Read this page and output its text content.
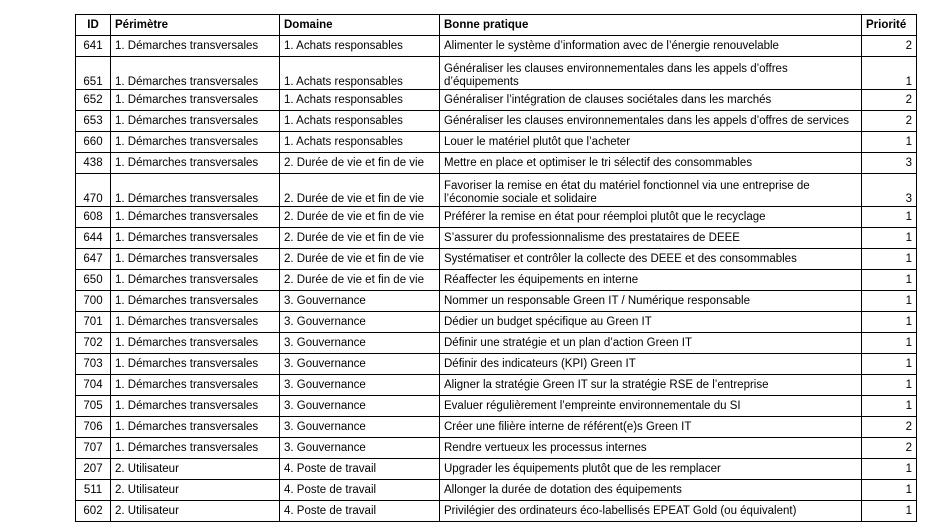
ID	Périmètre	Domaine	Bonne pratique	Priorité
641	1. Démarches transversales	1. Achats responsables	Alimenter le système d’information avec de l’énergie renouvelable	2
651	1. Démarches transversales	1. Achats responsables	Généraliser les clauses environnementales dans les appels d’offres d’équipements	1
652	1. Démarches transversales	1. Achats responsables	Généraliser l’intégration de clauses sociétales dans les marchés	2
653	1. Démarches transversales	1. Achats responsables	Généraliser les clauses environnementales dans les appels d’offres de services	2
660	1. Démarches transversales	1. Achats responsables	Louer le matériel plutôt que l’acheter	1
438	1. Démarches transversales	2. Durée de vie et fin de vie	Mettre en place et optimiser le tri sélectif des consommables	3
470	1. Démarches transversales	2. Durée de vie et fin de vie	Favoriser la remise en état du matériel fonctionnel via une entreprise de l’économie sociale et solidaire	3
608	1. Démarches transversales	2. Durée de vie et fin de vie	Préférer la remise en état pour réemploi plutôt que le recyclage	1
644	1. Démarches transversales	2. Durée de vie et fin de vie	S’assurer du professionnalisme des prestataires de DEEE	1
647	1. Démarches transversales	2. Durée de vie et fin de vie	Systématiser et contrôler la collecte des DEEE et des consommables	1
650	1. Démarches transversales	2. Durée de vie et fin de vie	Réaffecter les équipements en interne	1
700	1. Démarches transversales	3. Gouvernance	Nommer un responsable Green IT / Numérique responsable	1
701	1. Démarches transversales	3. Gouvernance	Dédier un budget spécifique au Green IT	1
702	1. Démarches transversales	3. Gouvernance	Définir une stratégie et un plan d’action Green IT	1
703	1. Démarches transversales	3. Gouvernance	Définir des indicateurs (KPI) Green IT	1
704	1. Démarches transversales	3. Gouvernance	Aligner la stratégie Green IT sur la stratégie RSE de l’entreprise	1
705	1. Démarches transversales	3. Gouvernance	Evaluer régulièrement l’empreinte environnementale du SI	1
706	1. Démarches transversales	3. Gouvernance	Créer une filière interne de référent(e)s Green IT	2
707	1. Démarches transversales	3. Gouvernance	Rendre vertueux les processus internes	2
207	2. Utilisateur	4. Poste de travail	Upgrader les équipements plutôt que de les remplacer	1
511	2. Utilisateur	4. Poste de travail	Allonger la durée de dotation des équipements	1
602	2. Utilisateur	4. Poste de travail	Privilégier des ordinateurs éco-labellisés EPEAT Gold (ou équivalent)	1
